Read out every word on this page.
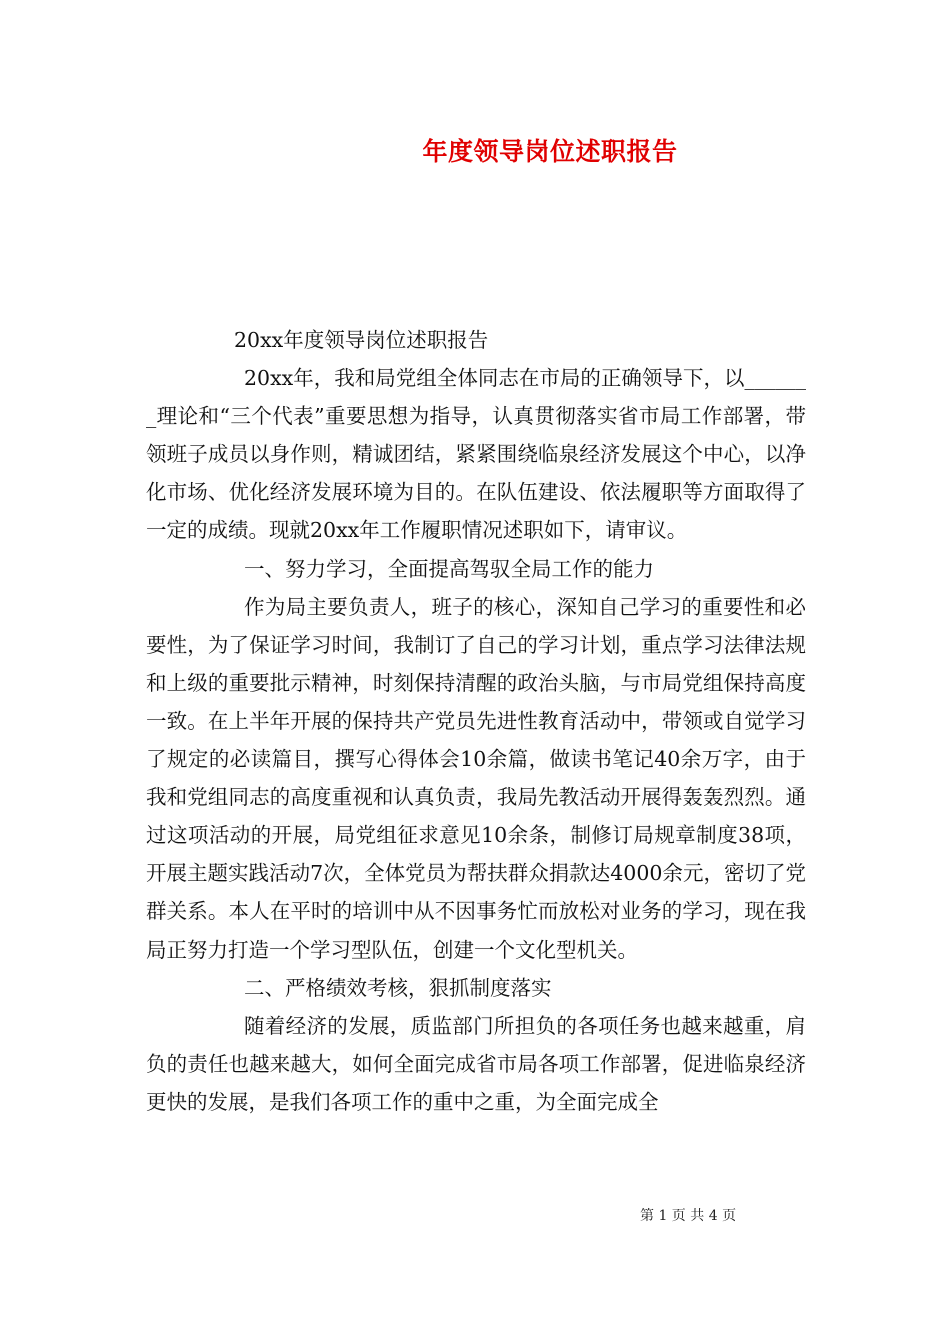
年度领导岗位述职报告

20xx年度领导岗位述职报告

20xx年，我和局党组全体同志在市局的正确领导下，以_______理论和“三个代表”重要思想为指导，认真贯彻落实省市局工作部署，带领班子成员以身作则，精诚团结，紧紧围绕临泉经济发展这个中心，以净化市场、优化经济发展环境为目的。在队伍建设、依法履职等方面取得了一定的成绩。现就20xx年工作履职情况述职如下，请审议。

一、努力学习，全面提高驾驭全局工作的能力

作为局主要负责人，班子的核心，深知自己学习的重要性和必要性，为了保证学习时间，我制订了自己的学习计划，重点学习法律法规和上级的重要批示精神，时刻保持清醒的政治头脑，与市局党组保持高度一致。在上半年开展的保持共产党员先进性教育活动中，带领或自觉学习了规定的必读篇目，撰写心得体会10余篇，做读书笔记40余万字，由于我和党组同志的高度重视和认真负责，我局先教活动开展得轰轰烈烈。通过这项活动的开展，局党组征求意见10余条，制修订局规章制度38项，开展主题实践活动7次，全体党员为帮扶群众捐款达4000余元，密切了党群关系。本人在平时的培训中从不因事务忙而放松对业务的学习，现在我局正努力打造一个学习型队伍，创建一个文化型机关。

二、严格绩效考核，狠抓制度落实

随着经济的发展，质监部门所担负的各项任务也越来越重，肩负的责任也越来越大，如何全面完成省市局各项工作部署，促进临泉经济更快的发展，是我们各项工作的重中之重，为全面完成全

第 1 页 共 4 页
